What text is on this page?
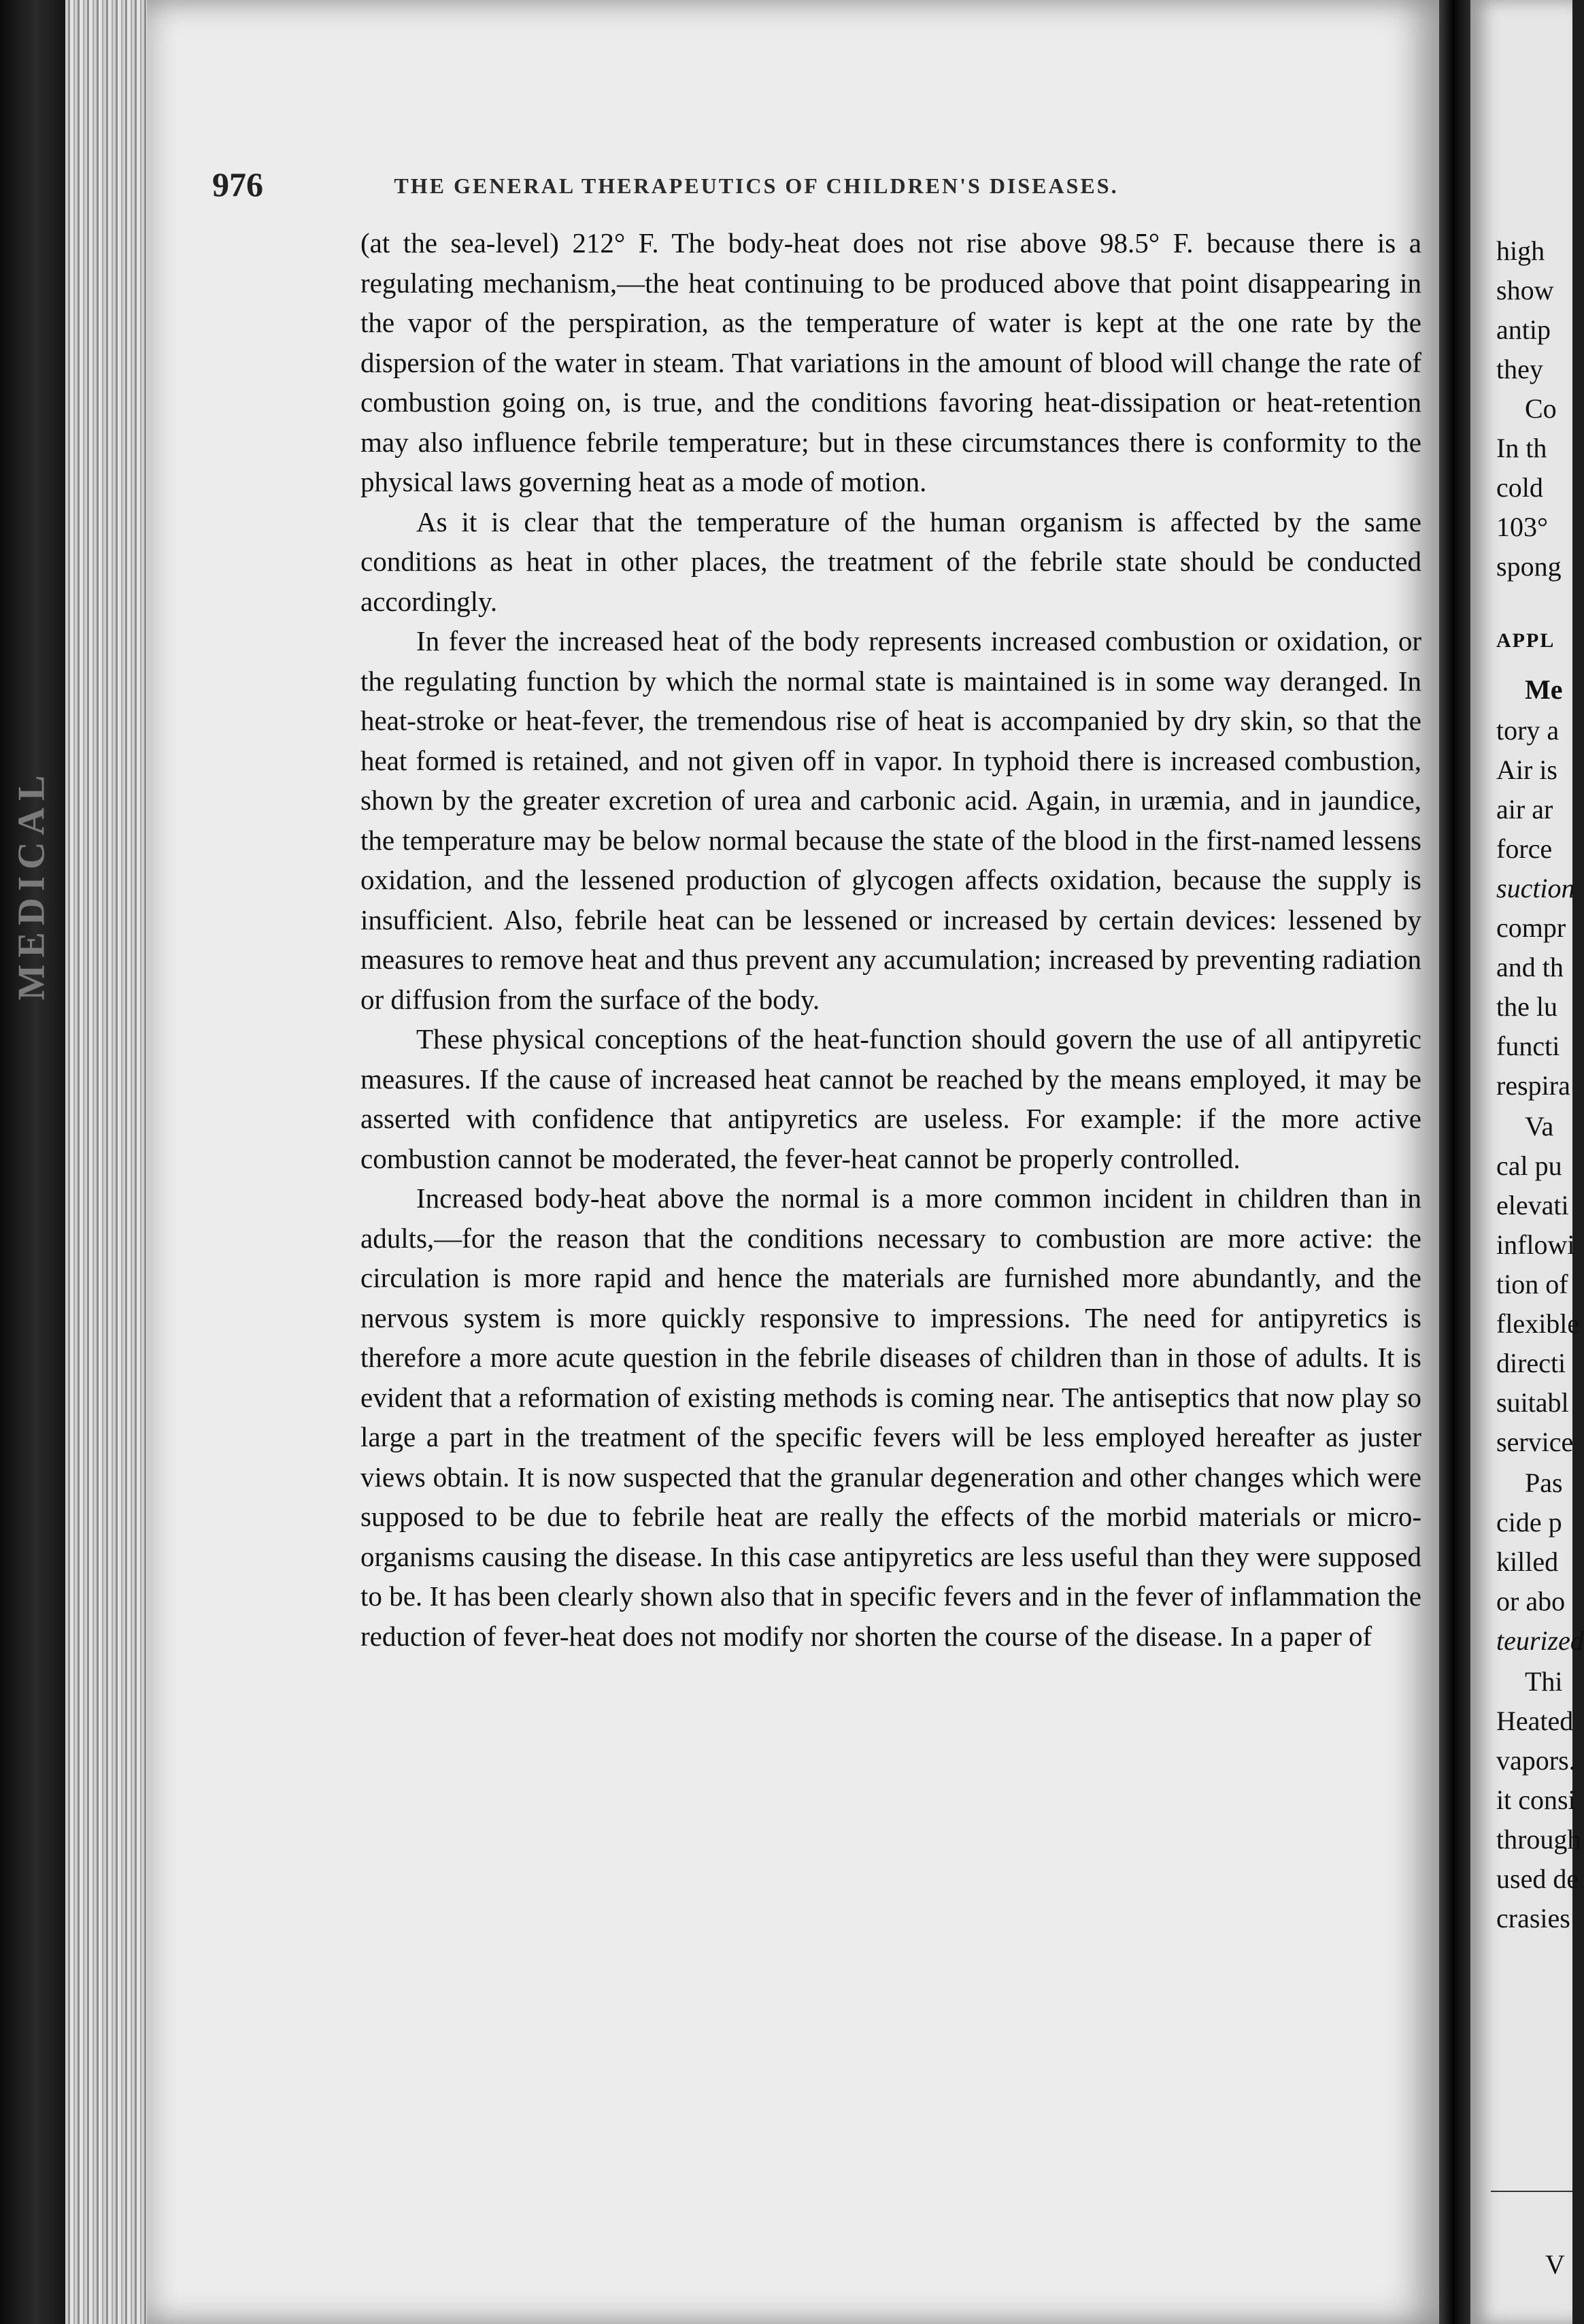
MEDICAL
976	THE GENERAL THERAPEUTICS OF CHILDREN'S DISEASES.

(at the sea-level) 212° F. The body-heat does not rise above 98.5° F. because there is a regulating mechanism,—the heat continuing to be produced above that point disappearing in the vapor of the perspiration, as the temperature of water is kept at the one rate by the dispersion of the water in steam. That variations in the amount of blood will change the rate of combustion going on, is true, and the conditions favoring heat-dissipation or heat-retention may also influence febrile temperature; but in these circumstances there is conformity to the physical laws governing heat as a mode of motion.

As it is clear that the temperature of the human organism is affected by the same conditions as heat in other places, the treatment of the febrile state should be conducted accordingly.

In fever the increased heat of the body represents increased combustion or oxidation, or the regulating function by which the normal state is maintained is in some way deranged. In heat-stroke or heat-fever, the tremendous rise of heat is accompanied by dry skin, so that the heat formed is retained, and not given off in vapor. In typhoid there is increased combustion, shown by the greater excretion of urea and carbonic acid. Again, in uræmia, and in jaundice, the temperature may be below normal because the state of the blood in the first-named lessens oxidation, and the lessened production of glycogen affects oxidation, because the supply is insufficient. Also, febrile heat can be lessened or increased by certain devices: lessened by measures to remove heat and thus prevent any accumulation; increased by preventing radiation or diffusion from the surface of the body.

These physical conceptions of the heat-function should govern the use of all antipyretic measures. If the cause of increased heat cannot be reached by the means employed, it may be asserted with confidence that antipyretics are useless. For example: if the more active combustion cannot be moderated, the fever-heat cannot be properly controlled.

Increased body-heat above the normal is a more common incident in children than in adults,—for the reason that the conditions necessary to combustion are more active: the circulation is more rapid and hence the materials are furnished more abundantly, and the nervous system is more quickly responsive to impressions. The need for antipyretics is therefore a more acute question in the febrile diseases of children than in those of adults. It is evident that a reformation of existing methods is coming near. The antiseptics that now play so large a part in the treatment of the specific fevers will be less employed hereafter as juster views obtain. It is now suspected that the granular degeneration and other changes which were supposed to be due to febrile heat are really the effects of the morbid materials or micro-organisms causing the disease. In this case antipyretics are less useful than they were supposed to be. It has been clearly shown also that in specific fevers and in the fever of inflammation the reduction of fever-heat does not modify nor shorten the course of the disease. In a paper of

high
show
antip
they
Co
In th
cold
103°
spong
APPL
Me
tory a
Air is
air ar
force
suction
compr
and th
the lu
functi
respira
Va
cal pu
elevati
inflowi
tion of
flexible
directi
suitabl
service
Pas
cide p
killed
or abo
teurized
Thi
Heated
vapors.
it consi
through
used de
crasies
V
